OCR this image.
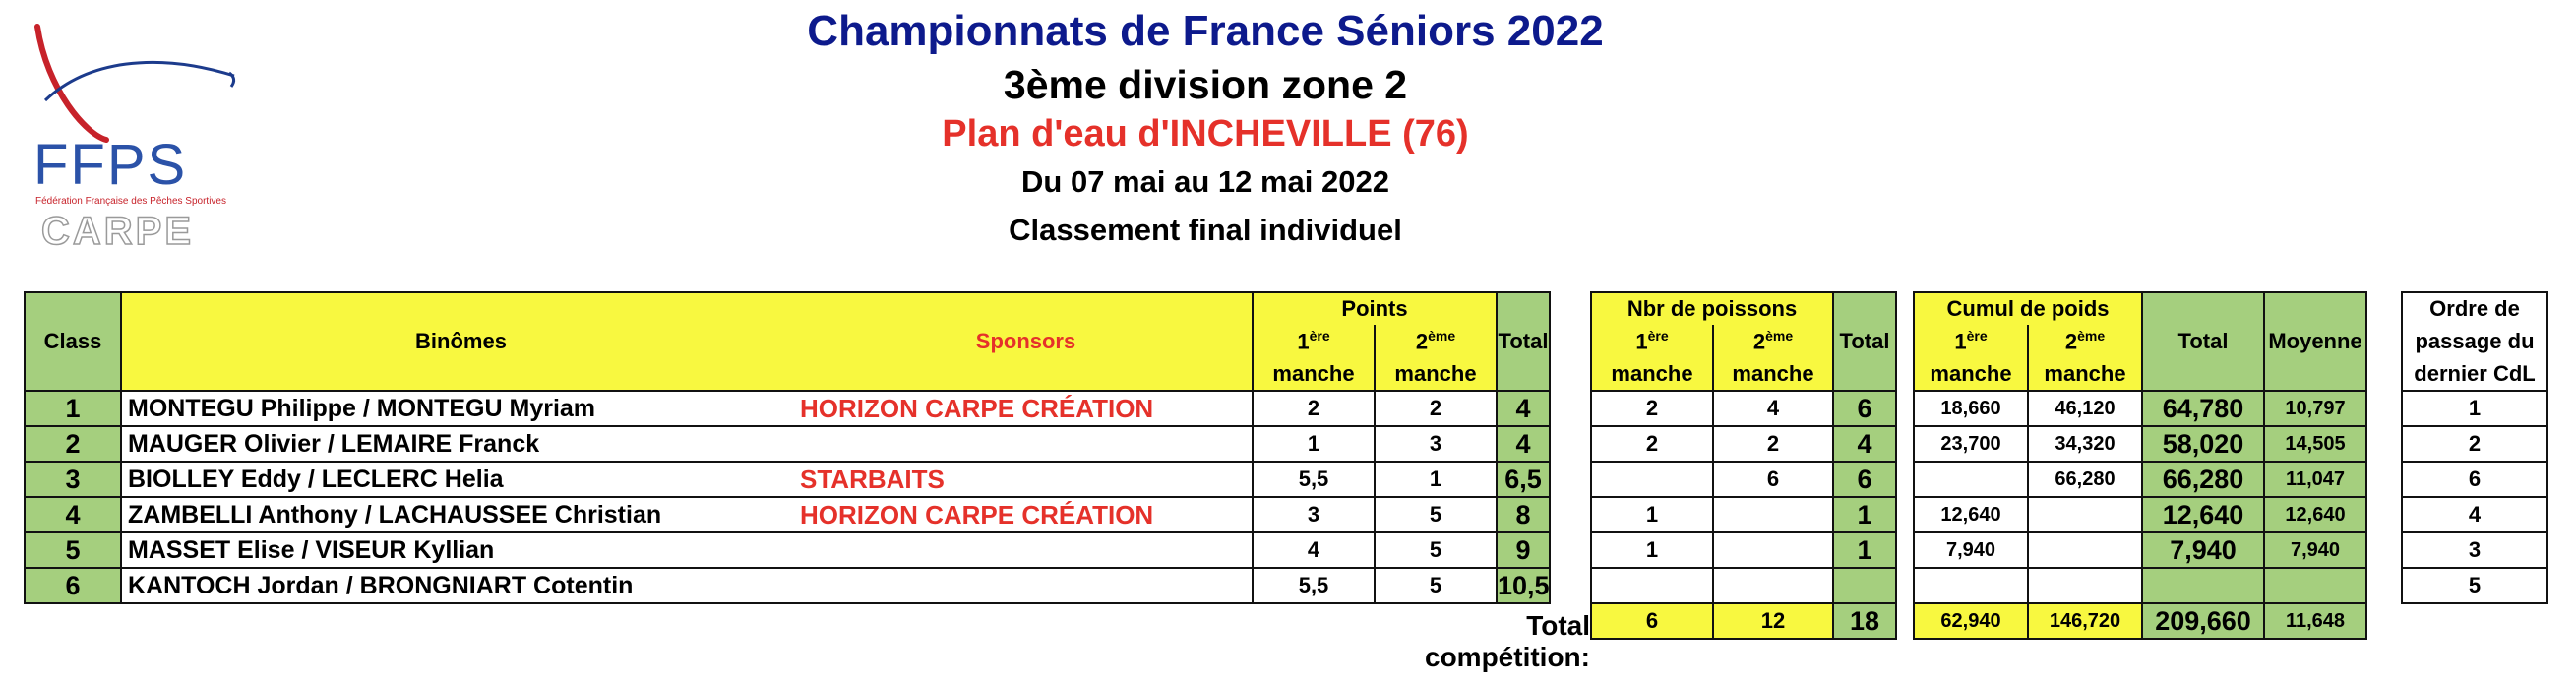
FFPS
Fédération Française des Pêches Sportives
CARPE
Championnats de France Séniors 2022
3ème division zone 2
Plan d'eau d'INCHEVILLE (76)
Du 07 mai au 12 mai 2022
Classement final individuel
Class	Binômes	Sponsors	Points		Total
			1ère	2ème
			manche	manche	
1	MONTEGU Philippe / MONTEGU Myriam	HORIZON CARPE CRÉATION	2	2	4
2	MAUGER Olivier / LEMAIRE Franck		1	3	4
3	BIOLLEY Eddy / LECLERC Helia	STARBAITS	5,5	1	6,5
4	ZAMBELLI Anthony / LACHAUSSEE Christian	HORIZON CARPE CRÉATION	3	5	8
5	MASSET Elise / VISEUR Kyllian		4	5	9
6	KANTOCH Jordan / BRONGNIART Cotentin		5,5	5	10,5
Total compétition:
Nbr de poissons		Total
1ère	2ème
manche	manche	
2	4	6
2	2	4
	6	6
1		1
1		1

6	12	18
Cumul de poids		Total	Moyenne
1ère	2ème
manche	manche		
18,660	46,120	64,780	10,797
23,700	34,320	58,020	14,505
	66,280	66,280	11,047
12,640		12,640	12,640
7,940		7,940	7,940

62,940	146,720	209,660	11,648
Ordre de
passage du
dernier CdL
1
2
6
4
3
5
